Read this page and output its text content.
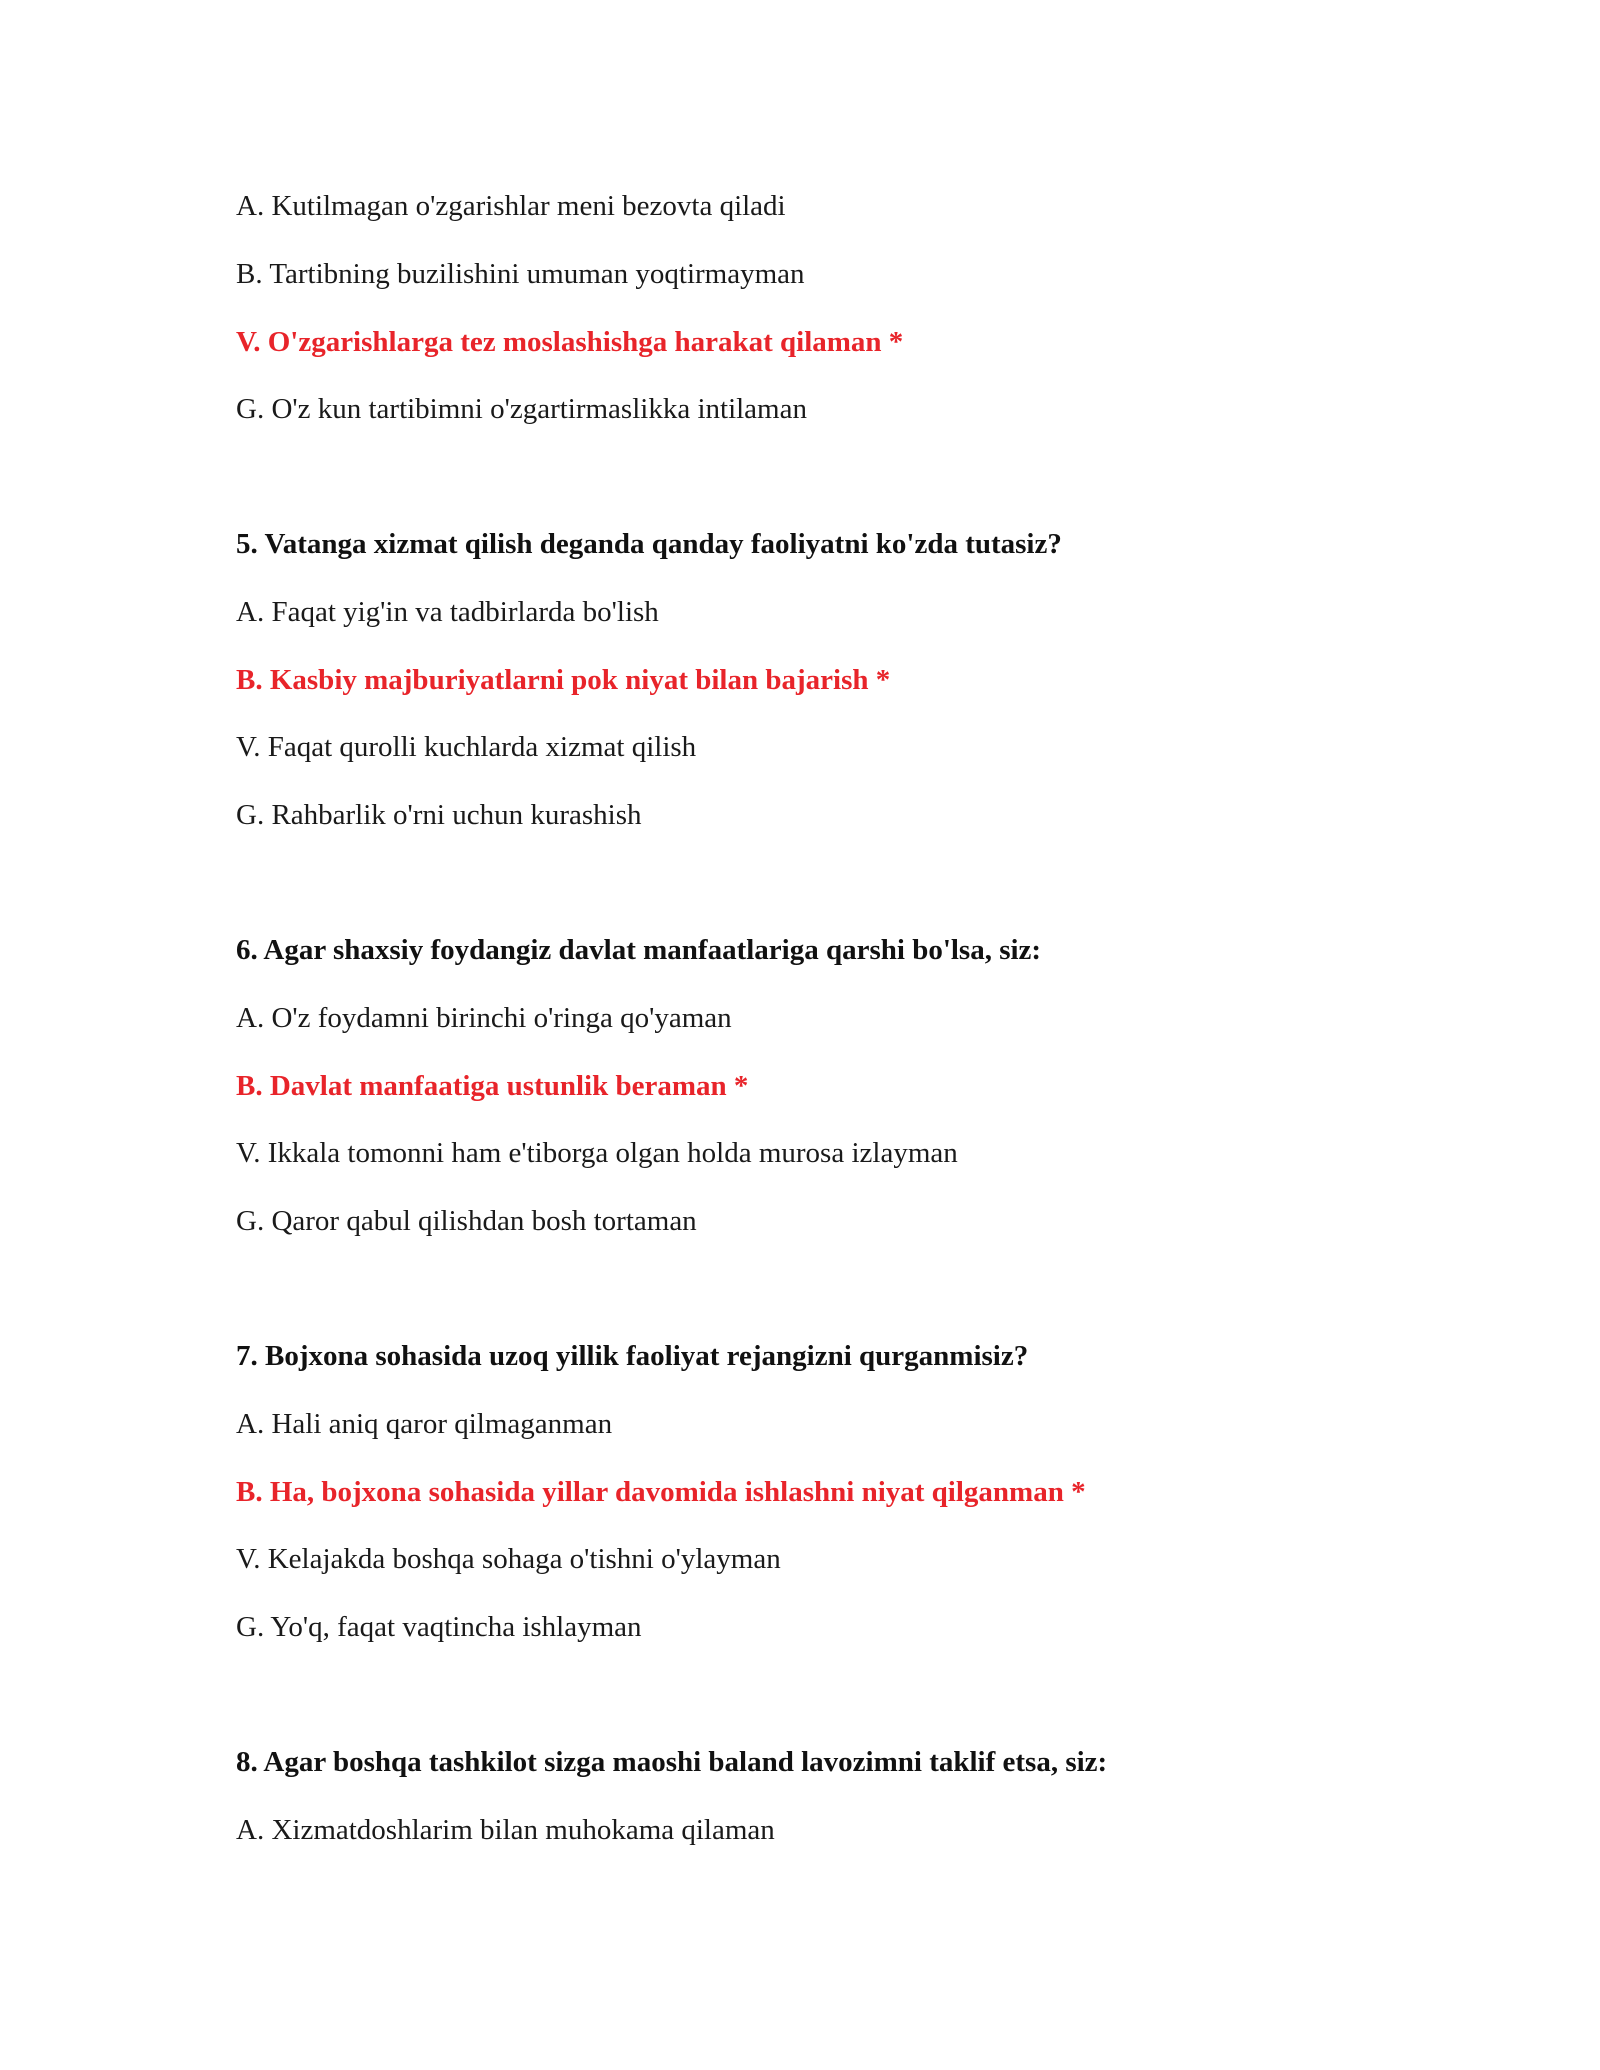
A. Kutilmagan o'zgarishlar meni bezovta qiladi
B. Tartibning buzilishini umuman yoqtirmayman
V. O'zgarishlarga tez moslashishga harakat qilaman *
G. O'z kun tartibimni o'zgartirmaslikka intilaman
5. Vatanga xizmat qilish deganda qanday faoliyatni ko'zda tutasiz?
A. Faqat yig'in va tadbirlarda bo'lish
B. Kasbiy majburiyatlarni pok niyat bilan bajarish *
V. Faqat qurolli kuchlarda xizmat qilish
G. Rahbarlik o'rni uchun kurashish
6. Agar shaxsiy foydangiz davlat manfaatlariga qarshi bo'lsa, siz:
A. O'z foydamni birinchi o'ringa qo'yaman
B. Davlat manfaatiga ustunlik beraman *
V. Ikkala tomonni ham e'tiborga olgan holda murosa izlayman
G. Qaror qabul qilishdan bosh tortaman
7. Bojxona sohasida uzoq yillik faoliyat rejangizni qurganmisiz?
A. Hali aniq qaror qilmaganman
B. Ha, bojxona sohasida yillar davomida ishlashni niyat qilganman *
V. Kelajakda boshqa sohaga o'tishni o'ylayman
G. Yo'q, faqat vaqtincha ishlayman
8. Agar boshqa tashkilot sizga maoshi baland lavozimni taklif etsa, siz:
A. Xizmatdoshlarim bilan muhokama qilaman
